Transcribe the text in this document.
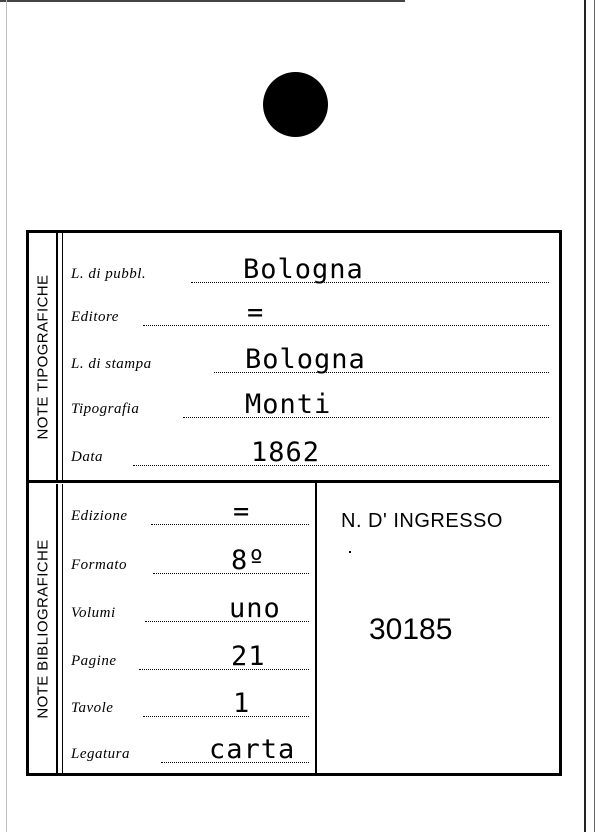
NOTE TIPOGRAFICHE
NOTE BIBLIOGRAFICHE
L. di pubbl.	Bologna
Editore	=
L. di stampa	Bologna
Tipografia	Monti
Data	1862
Edizione	=
Formato	8º
Volumi	uno
Pagine	21
Tavole	1
Legatura	carta
N. D' INGRESSO
30185
